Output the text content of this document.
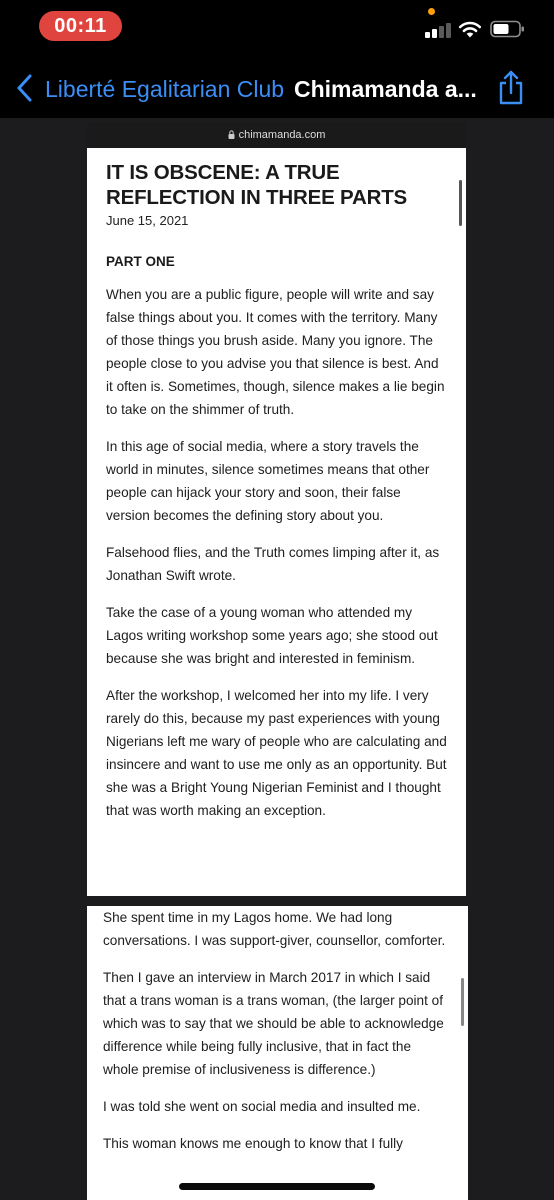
00:11
Liberté Egalitarian Club Chimamanda a...
chimamanda.com
IT IS OBSCENE: A TRUE REFLECTION IN THREE PARTS
June 15, 2021
PART ONE

When you are a public figure, people will write and say false things about you. It comes with the territory. Many of those things you brush aside. Many you ignore. The people close to you advise you that silence is best. And it often is. Sometimes, though, silence makes a lie begin to take on the shimmer of truth.

In this age of social media, where a story travels the world in minutes, silence sometimes means that other people can hijack your story and soon, their false version becomes the defining story about you.

Falsehood flies, and the Truth comes limping after it, as Jonathan Swift wrote.

Take the case of a young woman who attended my Lagos writing workshop some years ago; she stood out because she was bright and interested in feminism.

After the workshop, I welcomed her into my life. I very rarely do this, because my past experiences with young Nigerians left me wary of people who are calculating and insincere and want to use me only as an opportunity. But she was a Bright Young Nigerian Feminist and I thought that was worth making an exception.

She spent time in my Lagos home. We had long conversations. I was support-giver, counsellor, comforter.

Then I gave an interview in March 2017 in which I said that a trans woman is a trans woman, (the larger point of which was to say that we should be able to acknowledge difference while being fully inclusive, that in fact the whole premise of inclusiveness is difference.)

I was told she went on social media and insulted me.

This woman knows me enough to know that I fully
